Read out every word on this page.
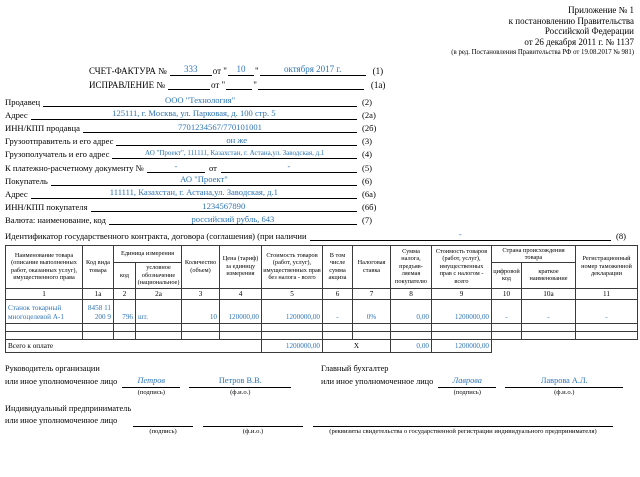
Приложение № 1
к постановлению Правительства
Российской Федерации
от 26 декабря 2011 г. № 1137
(в ред. Постановления Правительства РФ от 19.08.2017 № 981)
СЧЕТ-ФАКТУРА №	333	от "	10	"	октября 2017 г.	(1)
ИСПРАВЛЕНИЕ №	от "	"	(1а)
Продавец	ООО "Технология"	(2)
Адрес	125111, г. Москва, ул. Парковая, д. 100 стр. 5	(2а)
ИНН/КПП продавца	7701234567/770101001	(2б)
Грузоотправитель и его адрес	он же	(3)
Грузополучатель и его адрес	АО "Проект", 111111, Казахстан, г. Астана,ул. Заводская, д.1	(4)
К платежно-расчетному документу №	-	от	-	(5)
Покупатель	АО "Проект"	(6)
Адрес	111111, Казахстан, г. Астана,ул. Заводская, д.1	(6а)
ИНН/КПП покупателя	1234567890	(6б)
Валюта: наименование, код	российский рубль, 643	(7)
Идентификатор государственного контракта, договора (соглашения) (при наличии	-	(8)
Наименование товара (описание выполненных работ, оказанных услуг), имущественного права	Код вида товара	Единица измерения		Количество (объем)	Цена (тариф) за единицу измерения	Стоимость товаров (работ, услуг), имущественных прав без налога - всего	В том числе сумма акциза	Налоговая ставка	Сумма налога, предъявляемая покупателю	Стоимость товаров (работ, услуг), имущественных прав с налогом - всего	Страна происхождения товара		Регистрационный номер таможенной декларации
		код	условное обозначение (национальное)								цифровой код	краткое наименование	
1	1а	2	2а	3	4	5	6	7	8	9	10	10а	11
Станок токарный многоцелевой А-1	8458 11 200 9	796	шт.	10	120000,00	1200000,00	-	0%	0,00	1200000,00	-	-	-

Всего к оплате						1200000,00	X		0,00	1200000,00			
Руководитель организации
или иное уполномоченное лицо	Петров
(подпись)
Петров В.В.
(ф.и.о.)
Главный бухгалтер
или иное уполномоченное лицо	Лаврова
(подпись)
Лаврова А.Л.
(ф.и.о.)
Индивидуальный предприниматель
или иное уполномоченное лицо
(подпись)	(ф.и.о.)	(реквизиты свидетельства о государственной регистрации индивидуального предпринимателя)
